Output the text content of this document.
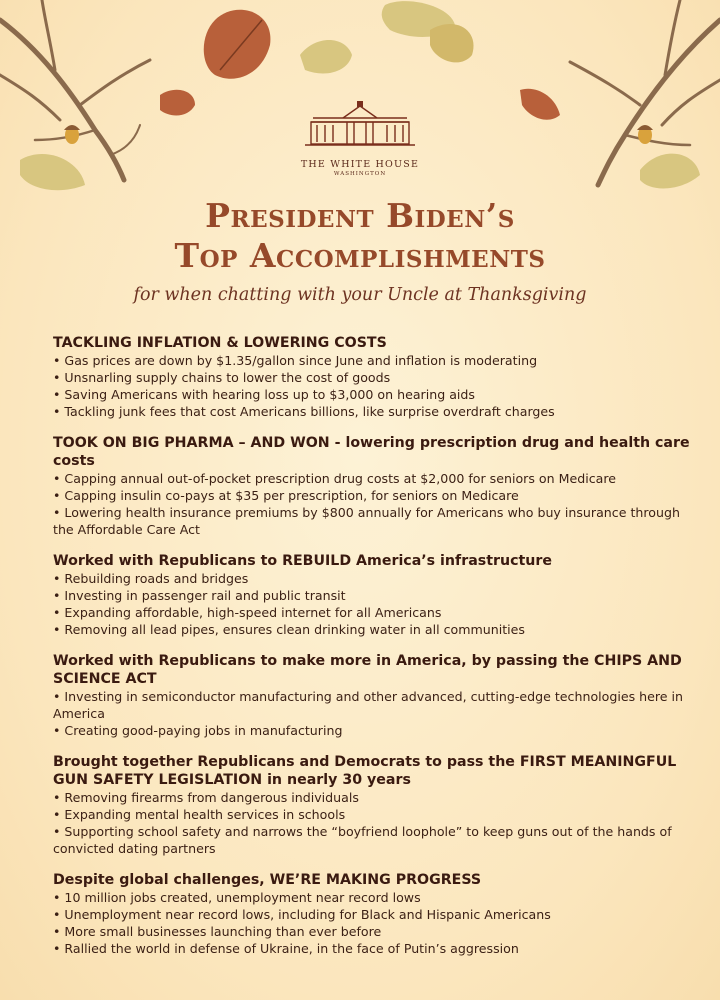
THE WHITE HOUSE
WASHINGTON
President Biden’s
Top Accomplishments
for when chatting with your Uncle at Thanksgiving
TACKLING INFLATION & LOWERING COSTS
• Gas prices are down by $1.35/gallon since June and inflation is moderating
• Unsnarling supply chains to lower the cost of goods
• Saving Americans with hearing loss up to $3,000 on hearing aids
• Tackling junk fees that cost Americans billions, like surprise overdraft charges
TOOK ON BIG PHARMA – AND WON - lowering prescription drug and health care costs
• Capping annual out-of-pocket prescription drug costs at $2,000 for seniors on Medicare
• Capping insulin co-pays at $35 per prescription, for seniors on Medicare
• Lowering health insurance premiums by $800 annually for Americans who buy insurance through the Affordable Care Act
Worked with Republicans to REBUILD America’s infrastructure
• Rebuilding roads and bridges
• Investing in passenger rail and public transit
• Expanding affordable, high-speed internet for all Americans
• Removing all lead pipes, ensures clean drinking water in all communities
Worked with Republicans to make more in America, by passing the CHIPS AND SCIENCE ACT
• Investing in semiconductor manufacturing and other advanced, cutting-edge technologies here in America
• Creating good-paying jobs in manufacturing
Brought together Republicans and Democrats to pass the FIRST MEANINGFUL GUN SAFETY LEGISLATION in nearly 30 years
• Removing firearms from dangerous individuals
• Expanding mental health services in schools
• Supporting school safety and narrows the “boyfriend loophole” to keep guns out of the hands of convicted dating partners
Despite global challenges, WE’RE MAKING PROGRESS
• 10 million jobs created, unemployment near record lows
• Unemployment near record lows, including for Black and Hispanic Americans
• More small businesses launching than ever before
• Rallied the world in defense of Ukraine, in the face of Putin’s aggression
